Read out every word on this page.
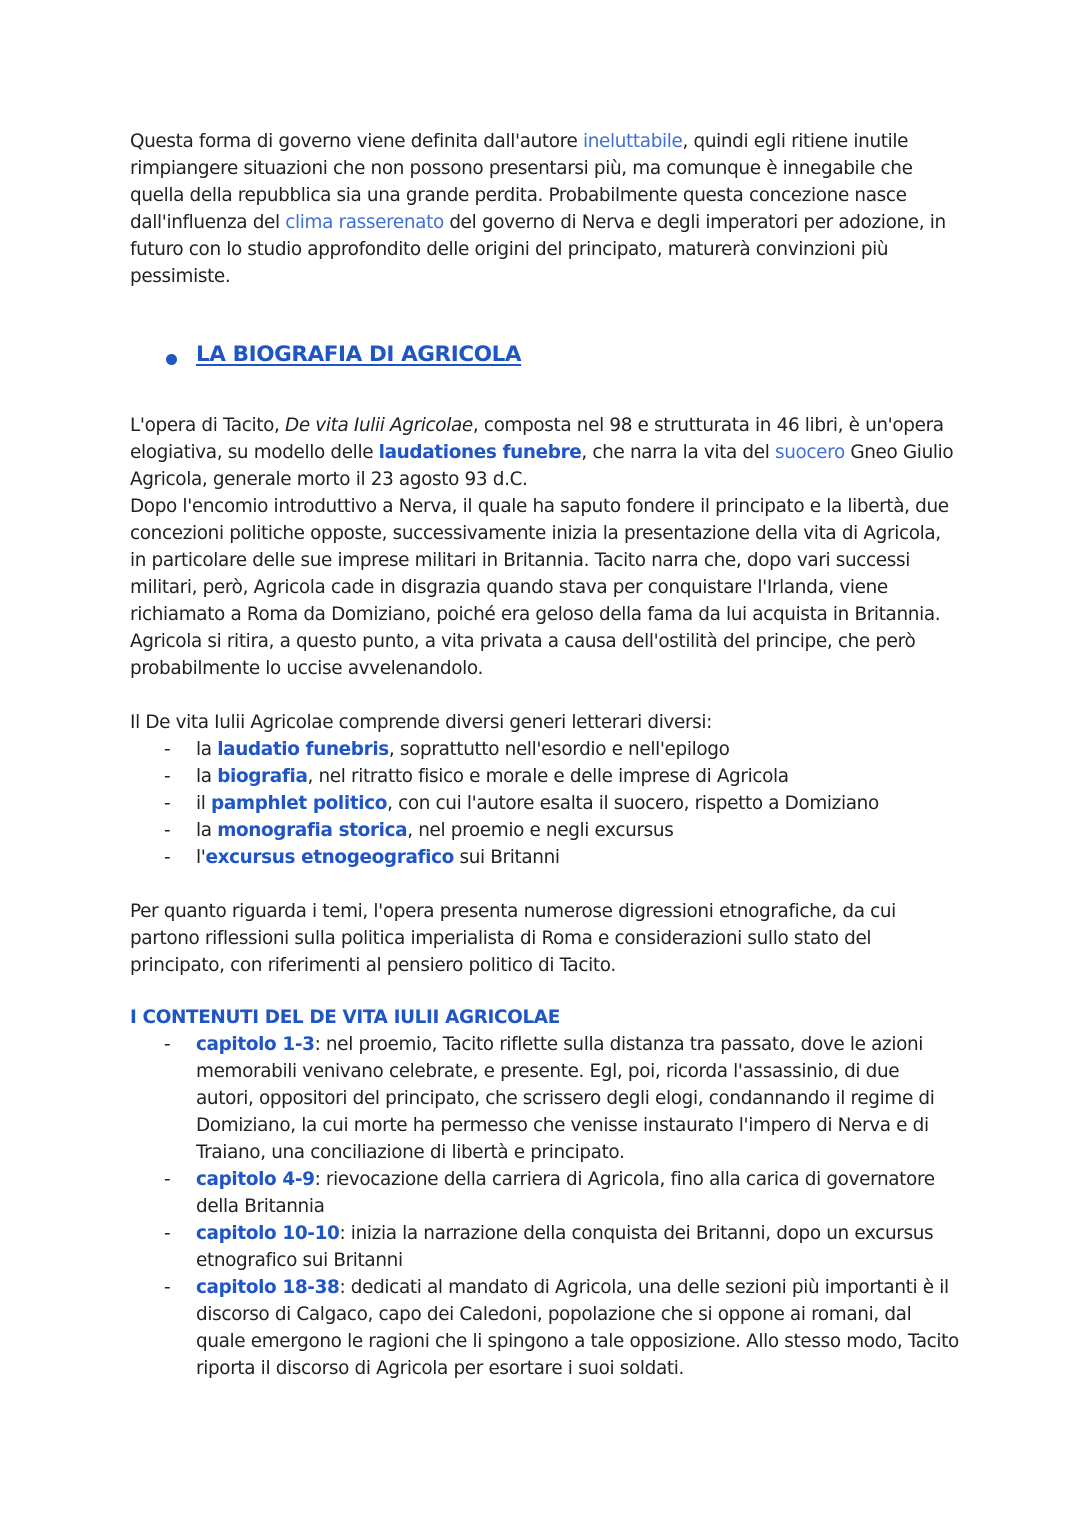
Questa forma di governo viene definita dall'autore ineluttabile, quindi egli ritiene inutile rimpiangere situazioni che non possono presentarsi più, ma comunque è innegabile che quella della repubblica sia una grande perdita. Probabilmente questa concezione nasce dall'influenza del clima rasserenato del governo di Nerva e degli imperatori per adozione, in futuro con lo studio approfondito delle origini del principato, maturerà convinzioni più pessimiste.

LA BIOGRAFIA DI AGRICOLA

L'opera di Tacito, De vita Iulii Agricolae, composta nel 98 e strutturata in 46 libri, è un'opera elogiativa, su modello delle laudationes funebre, che narra la vita del suocero Gneo Giulio Agricola, generale morto il 23 agosto 93 d.C.

Dopo l'encomio introduttivo a Nerva, il quale ha saputo fondere il principato e la libertà, due concezioni politiche opposte, successivamente inizia la presentazione della vita di Agricola, in particolare delle sue imprese militari in Britannia. Tacito narra che, dopo vari successi militari, però, Agricola cade in disgrazia quando stava per conquistare l'Irlanda, viene richiamato a Roma da Domiziano, poiché era geloso della fama da lui acquista in Britannia. Agricola si ritira, a questo punto, a vita privata a causa dell'ostilità del principe, che però probabilmente lo uccise avvelenandolo.

Il De vita Iulii Agricolae comprende diversi generi letterari diversi:

- la laudatio funebris, soprattutto nell'esordio e nell'epilogo
- la biografia, nel ritratto fisico e morale e delle imprese di Agricola
- il pamphlet politico, con cui l'autore esalta il suocero, rispetto a Domiziano
- la monografia storica, nel proemio e negli excursus
- l'excursus etnogeografico sui Britanni

Per quanto riguarda i temi, l'opera presenta numerose digressioni etnografiche, da cui partono riflessioni sulla politica imperialista di Roma e considerazioni sullo stato del principato, con riferimenti al pensiero politico di Tacito.

I CONTENUTI DEL DE VITA IULII AGRICOLAE
- capitolo 1-3: nel proemio, Tacito riflette sulla distanza tra passato, dove le azioni memorabili venivano celebrate, e presente. Egl, poi, ricorda l'assassinio, di due autori, oppositori del principato, che scrissero degli elogi, condannando il regime di Domiziano, la cui morte ha permesso che venisse instaurato l'impero di Nerva e di Traiano, una conciliazione di libertà e principato.
- capitolo 4-9: rievocazione della carriera di Agricola, fino alla carica di governatore della Britannia
- capitolo 10-10: inizia la narrazione della conquista dei Britanni, dopo un excursus etnografico sui Britanni
- capitolo 18-38: dedicati al mandato di Agricola, una delle sezioni più importanti è il discorso di Calgaco, capo dei Caledoni, popolazione che si oppone ai romani, dal quale emergono le ragioni che li spingono a tale opposizione. Allo stesso modo, Tacito riporta il discorso di Agricola per esortare i suoi soldati.
